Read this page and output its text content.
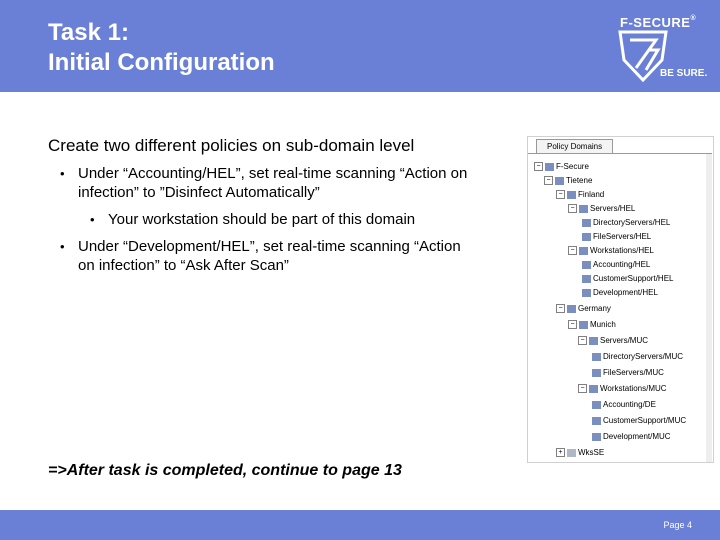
Task 1:
Initial Configuration
F-SECURE®
BE SURE.

Create two different policies on sub-domain level

• Under “Accounting/HEL”, set real-time scanning “Action on infection” to ”Disinfect Automatically”
• Your workstation should be part of this domain
• Under “Development/HEL”, set real-time scanning “Action on infection” to “Ask After Scan”
=>After task is completed, continue to page 13
Policy Domains
− F-Secure
− Tietene
− Finland
− Servers/HEL
DirectoryServers/HEL
FileServers/HEL
− Workstations/HEL
Accounting/HEL
CustomerSupport/HEL
Development/HEL
− Germany
− Munich
− Servers/MUC
DirectoryServers/MUC
FileServers/MUC
− Workstations/MUC
Accounting/DE
CustomerSupport/MUC
Development/MUC
+ WksSE
Page 4
